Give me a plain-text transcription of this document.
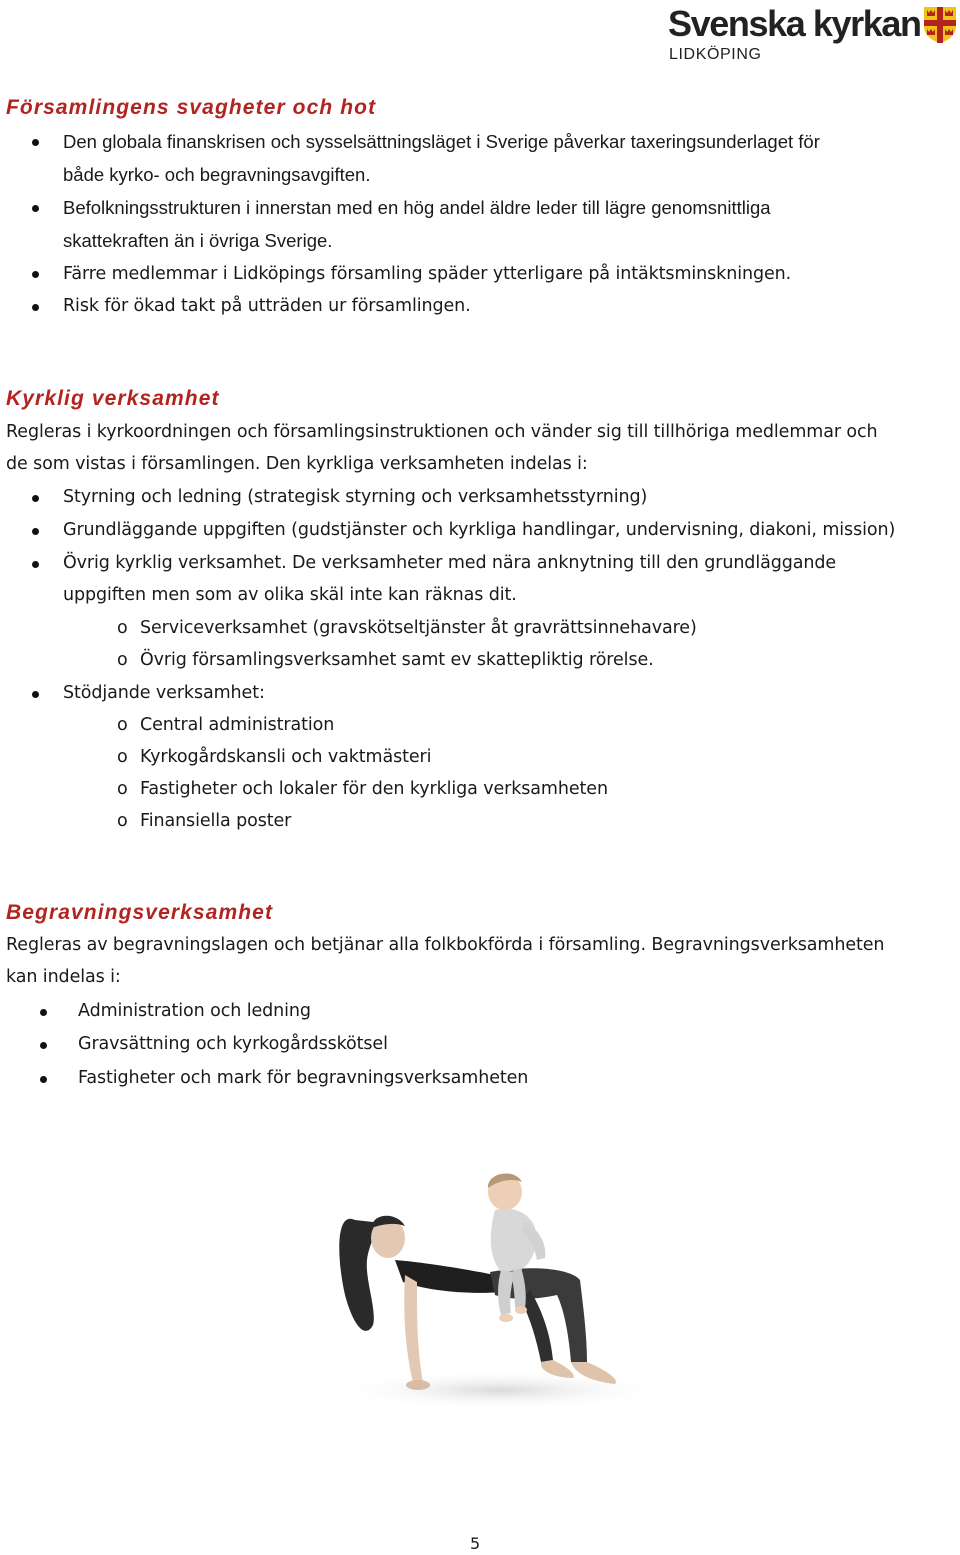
Svenska kyrkan
LIDKÖPING
Församlingens svagheter och hot
Den globala finanskrisen och sysselsättningsläget i Sverige påverkar taxeringsunderlaget för
både kyrko- och begravningsavgiften.
Befolkningsstrukturen i innerstan med en hög andel äldre leder till lägre genomsnittliga
skattekraften än i övriga Sverige.
Färre medlemmar i Lidköpings församling späder ytterligare på intäktsminskningen.
Risk för ökad takt på utträden ur församlingen.
Kyrklig verksamhet
Regleras i kyrkoordningen och församlingsinstruktionen och vänder sig till tillhöriga medlemmar och
de som vistas i församlingen. Den kyrkliga verksamheten indelas i:
Styrning och ledning (strategisk styrning och verksamhetsstyrning)
Grundläggande uppgiften (gudstjänster och kyrkliga handlingar, undervisning, diakoni, mission)
Övrig kyrklig verksamhet. De verksamheter med nära anknytning till den grundläggande
uppgiften men som av olika skäl inte kan räknas dit.
o Serviceverksamhet (gravskötseltjänster åt gravrättsinnehavare)
o Övrig församlingsverksamhet samt ev skattepliktig rörelse.
Stödjande verksamhet:
o Central administration
o Kyrkogårdskansli och vaktmästeri
o Fastigheter och lokaler för den kyrkliga verksamheten
o Finansiella poster
Begravningsverksamhet
Regleras av begravningslagen och betjänar alla folkbokförda i församling. Begravningsverksamheten
kan indelas i:
Administration och ledning
Gravsättning och kyrkogårdsskötsel
Fastigheter och mark för begravningsverksamheten
5
